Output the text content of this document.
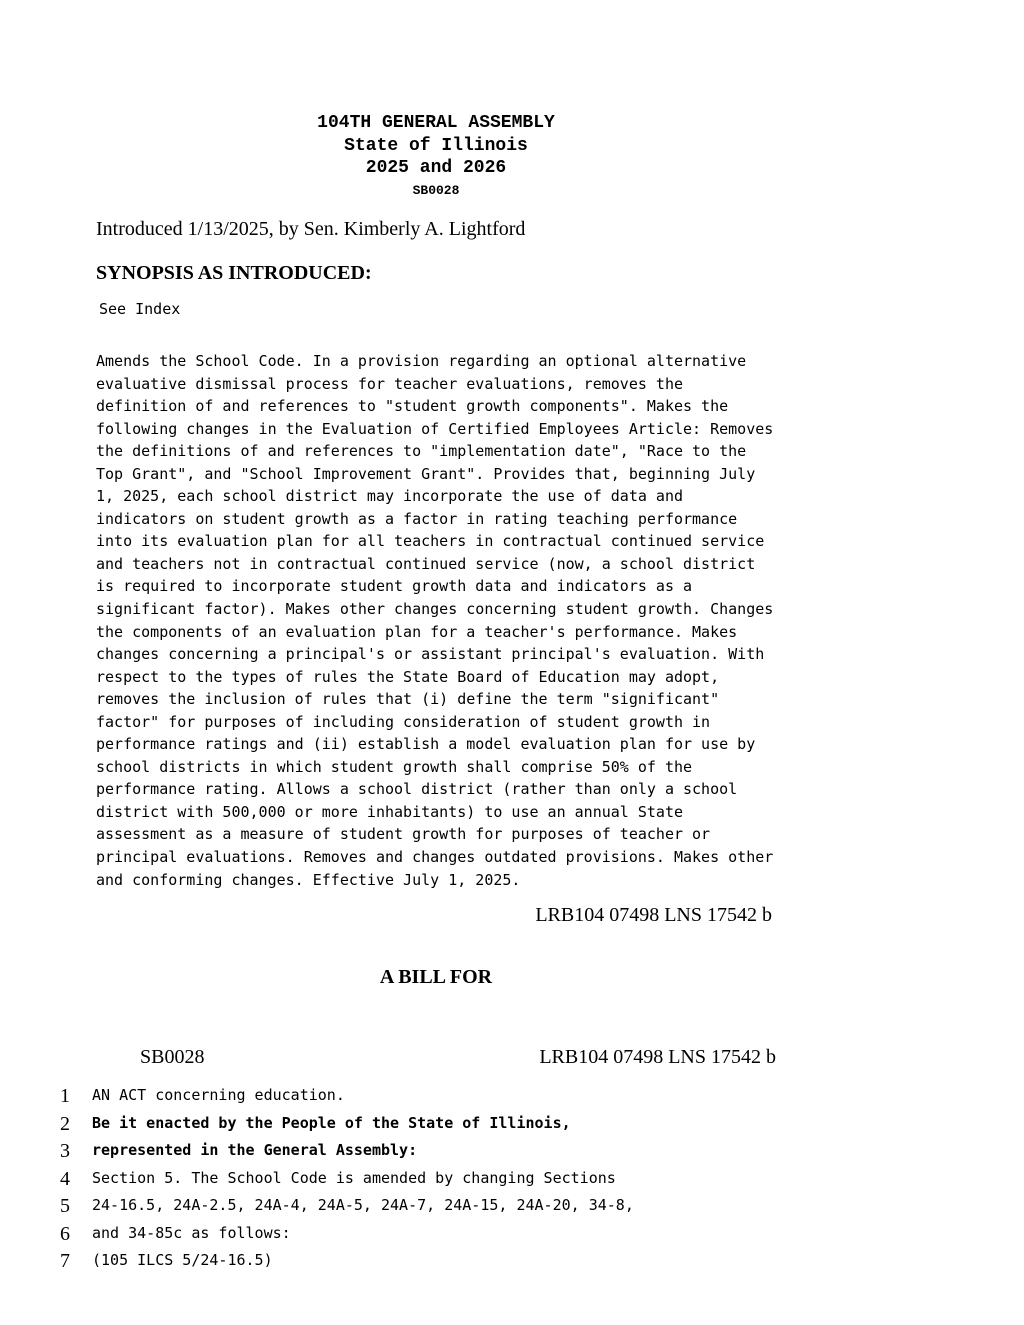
104TH GENERAL ASSEMBLY
State of Illinois
2025 and 2026
SB0028
Introduced 1/13/2025, by Sen. Kimberly A. Lightford
SYNOPSIS AS INTRODUCED:
See Index
Amends the School Code. In a provision regarding an optional alternative
evaluative dismissal process for teacher evaluations, removes the
definition of and references to "student growth components". Makes the
following changes in the Evaluation of Certified Employees Article: Removes
the definitions of and references to "implementation date", "Race to the
Top Grant", and "School Improvement Grant". Provides that, beginning July
1, 2025, each school district may incorporate the use of data and
indicators on student growth as a factor in rating teaching performance
into its evaluation plan for all teachers in contractual continued service
and teachers not in contractual continued service (now, a school district
is required to incorporate student growth data and indicators as a
significant factor). Makes other changes concerning student growth. Changes
the components of an evaluation plan for a teacher's performance. Makes
changes concerning a principal's or assistant principal's evaluation. With
respect to the types of rules the State Board of Education may adopt,
removes the inclusion of rules that (i) define the term "significant"
factor" for purposes of including consideration of student growth in
performance ratings and (ii) establish a model evaluation plan for use by
school districts in which student growth shall comprise 50% of the
performance rating. Allows a school district (rather than only a school
district with 500,000 or more inhabitants) to use an annual State
assessment as a measure of student growth for purposes of teacher or
principal evaluations. Removes and changes outdated provisions. Makes other
and conforming changes. Effective July 1, 2025.
LRB104 07498 LNS 17542 b
A BILL FOR
SB0028	LRB104 07498 LNS 17542 b
1	AN ACT concerning education.
2	Be it enacted by the People of the State of Illinois,
3	represented in the General Assembly:
4	Section 5. The School Code is amended by changing Sections
5	24-16.5, 24A-2.5, 24A-4, 24A-5, 24A-7, 24A-15, 24A-20, 34-8,
6	and 34-85c as follows:
7	(105 ILCS 5/24-16.5)
